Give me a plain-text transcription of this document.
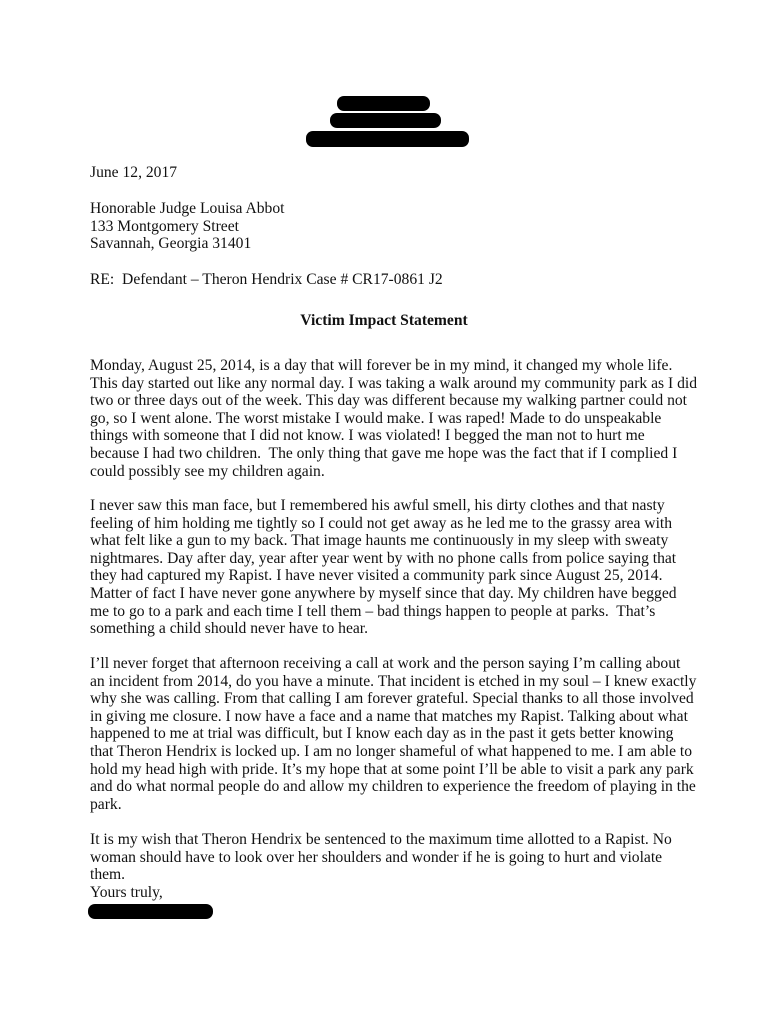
June 12, 2017
Honorable Judge Louisa Abbot
133 Montgomery Street
Savannah, Georgia 31401
RE:  Defendant – Theron Hendrix Case # CR17-0861 J2
Victim Impact Statement
Monday, August 25, 2014, is a day that will forever be in my mind, it changed my whole life.
This day started out like any normal day. I was taking a walk around my community park as I did
two or three days out of the week. This day was different because my walking partner could not
go, so I went alone. The worst mistake I would make. I was raped! Made to do unspeakable
things with someone that I did not know. I was violated! I begged the man not to hurt me
because I had two children.  The only thing that gave me hope was the fact that if I complied I
could possibly see my children again.
I never saw this man face, but I remembered his awful smell, his dirty clothes and that nasty
feeling of him holding me tightly so I could not get away as he led me to the grassy area with
what felt like a gun to my back. That image haunts me continuously in my sleep with sweaty
nightmares. Day after day, year after year went by with no phone calls from police saying that
they had captured my Rapist. I have never visited a community park since August 25, 2014.
Matter of fact I have never gone anywhere by myself since that day. My children have begged
me to go to a park and each time I tell them – bad things happen to people at parks.  That’s
something a child should never have to hear.
I’ll never forget that afternoon receiving a call at work and the person saying I’m calling about
an incident from 2014, do you have a minute. That incident is etched in my soul – I knew exactly
why she was calling. From that calling I am forever grateful. Special thanks to all those involved
in giving me closure. I now have a face and a name that matches my Rapist. Talking about what
happened to me at trial was difficult, but I know each day as in the past it gets better knowing
that Theron Hendrix is locked up. I am no longer shameful of what happened to me. I am able to
hold my head high with pride. It’s my hope that at some point I’ll be able to visit a park any park
and do what normal people do and allow my children to experience the freedom of playing in the
park.
It is my wish that Theron Hendrix be sentenced to the maximum time allotted to a Rapist. No
woman should have to look over her shoulders and wonder if he is going to hurt and violate
them.
Yours truly,
